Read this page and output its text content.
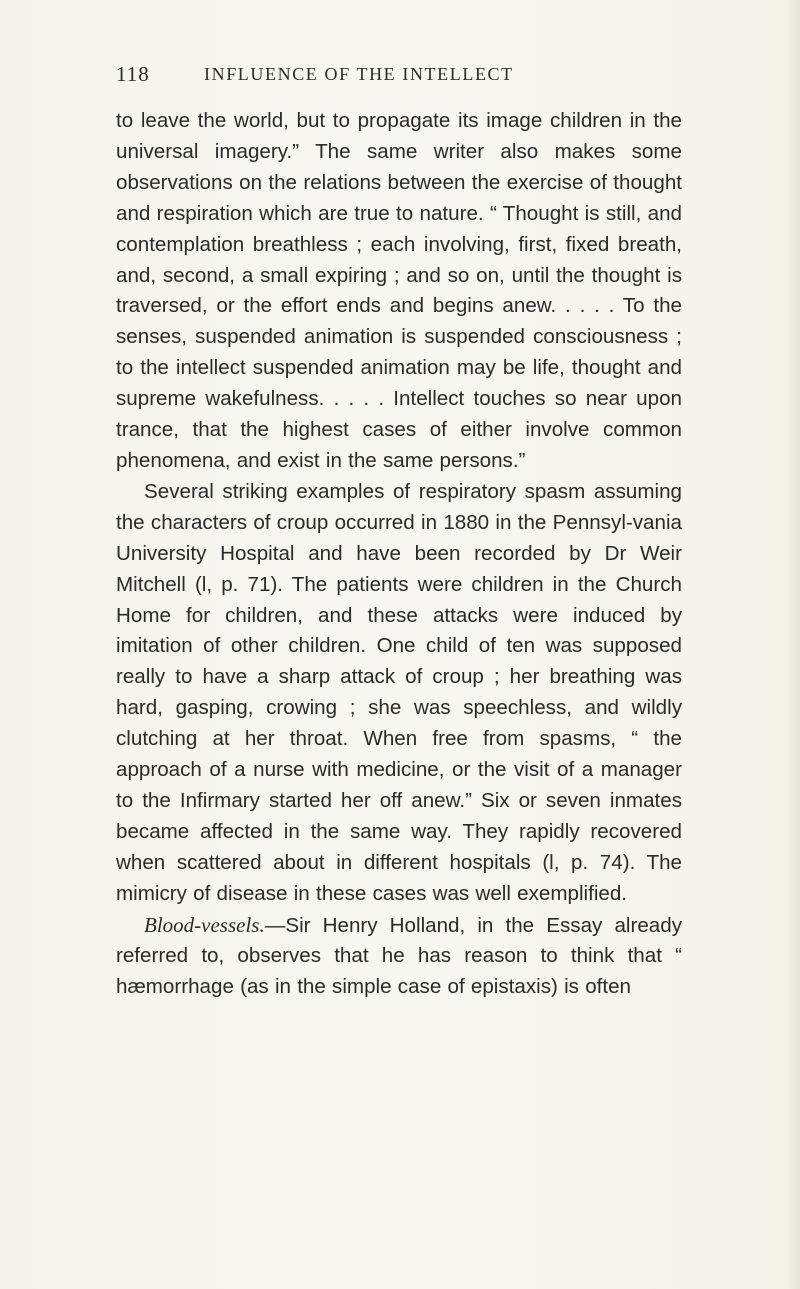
118	INFLUENCE OF THE INTELLECT

to leave the world, but to propagate its image children in the universal imagery.” The same writer also makes some observations on the relations between the exercise of thought and respiration which are true to nature. “ Thought is still, and contemplation breathless ; each involving, first, fixed breath, and, second, a small expiring ; and so on, until the thought is traversed, or the effort ends and begins anew. . . . . To the senses, suspended animation is suspended consciousness ; to the intellect suspended animation may be life, thought and supreme wakefulness. . . . . Intellect touches so near upon trance, that the highest cases of either involve common phenomena, and exist in the same persons.”

Several striking examples of respiratory spasm assuming the characters of croup occurred in 1880 in the Pennsyl-vania University Hospital and have been recorded by Dr Weir Mitchell (l, p. 71). The patients were children in the Church Home for children, and these attacks were induced by imitation of other children. One child of ten was supposed really to have a sharp attack of croup ; her breathing was hard, gasping, crowing ; she was speechless, and wildly clutching at her throat. When free from spasms, “ the approach of a nurse with medicine, or the visit of a manager to the Infirmary started her off anew.” Six or seven inmates became affected in the same way. They rapidly recovered when scattered about in different hospitals (l, p. 74). The mimicry of disease in these cases was well exemplified.

Blood-vessels.—Sir Henry Holland, in the Essay already referred to, observes that he has reason to think that “ hæmorrhage (as in the simple case of epistaxis) is often
